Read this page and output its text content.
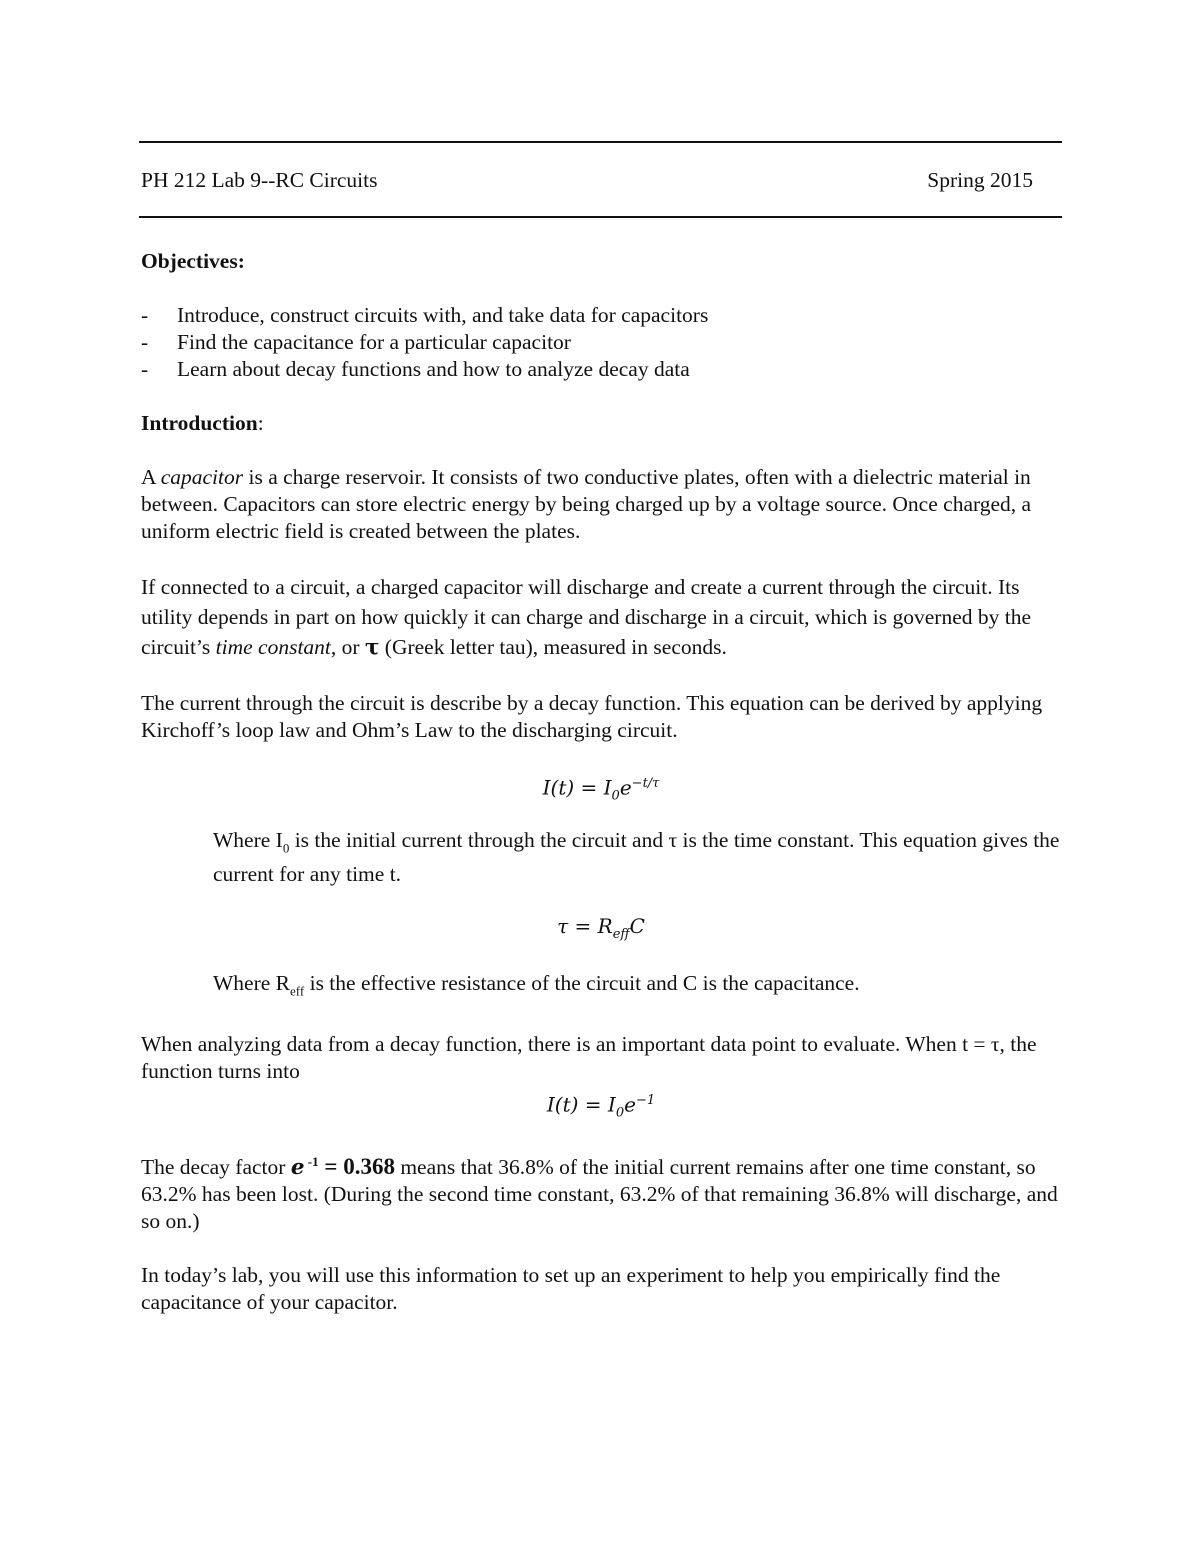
PH 212 Lab 9--RC Circuits	Spring 2015

Objectives:

- Introduce, construct circuits with, and take data for capacitors
- Find the capacitance for a particular capacitor
- Learn about decay functions and how to analyze decay data

Introduction:

A capacitor is a charge reservoir. It consists of two conductive plates, often with a dielectric material in between. Capacitors can store electric energy by being charged up by a voltage source. Once charged, a uniform electric field is created between the plates.

If connected to a circuit, a charged capacitor will discharge and create a current through the circuit. Its utility depends in part on how quickly it can charge and discharge in a circuit, which is governed by the circuit’s time constant, or τ (Greek letter tau), measured in seconds.

The current through the circuit is describe by a decay function. This equation can be derived by applying Kirchoff’s loop law and Ohm’s Law to the discharging circuit.

$I(t) = I_0e^{-t/\tau}$

Where $I_0$ is the initial current through the circuit and τ is the time constant. This equation gives the current for any time t.

$\tau = R_{eff}C$

Where $R_{eff}$ is the effective resistance of the circuit and C is the capacitance.

When analyzing data from a decay function, there is an important data point to evaluate. When t = τ, the function turns into

$I(t) = I_0e^{-1}$

The decay factor e $^{-1}$ = 0.368 means that 36.8% of the initial current remains after one time constant, so 63.2% has been lost. (During the second time constant, 63.2% of that remaining 36.8% will discharge, and so on.)

In today’s lab, you will use this information to set up an experiment to help you empirically find the capacitance of your capacitor.
